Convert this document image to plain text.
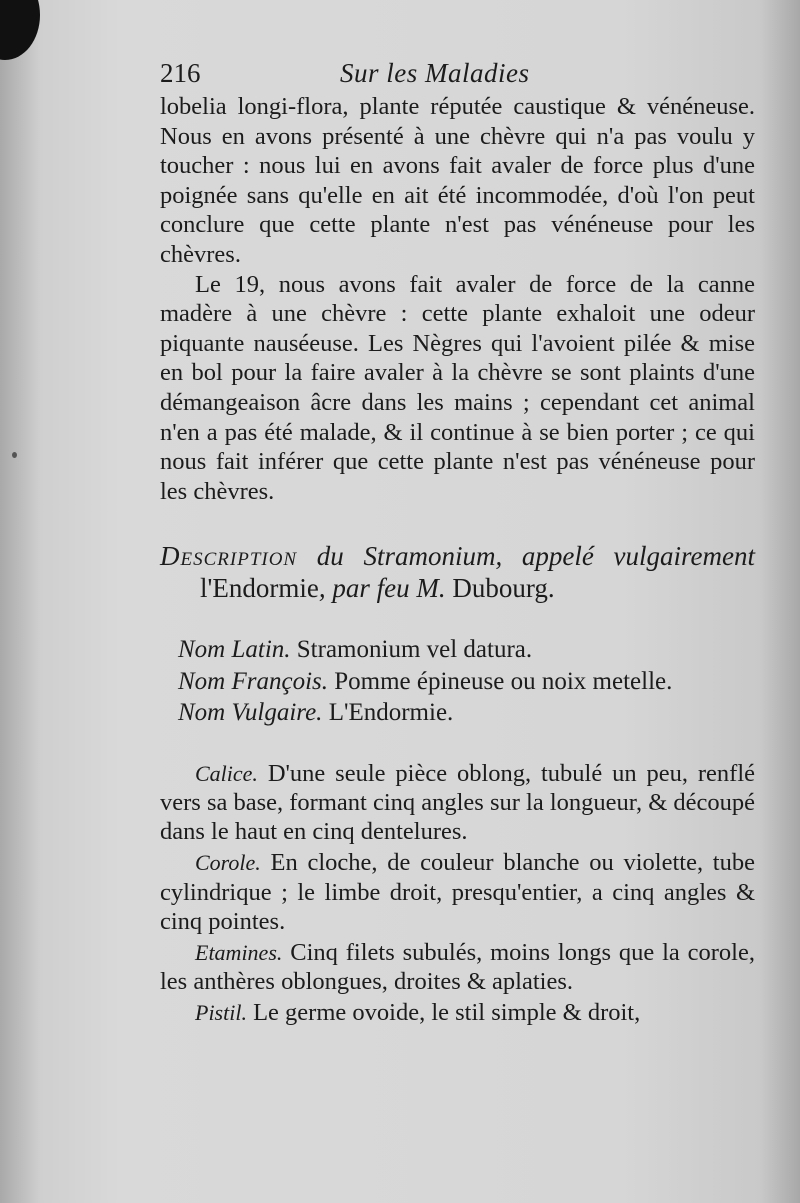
216	Sur les Maladies

lobelia longi-flora, plante réputée caustique & vénéneuse. Nous en avons présenté à une chèvre qui n'a pas voulu y toucher : nous lui en avons fait avaler de force plus d'une poignée sans qu'elle en ait été incommodée, d'où l'on peut conclure que cette plante n'est pas vénéneuse pour les chèvres.

Le 19, nous avons fait avaler de force de la canne madère à une chèvre : cette plante exhaloit une odeur piquante nauséeuse. Les Nègres qui l'avoient pilée & mise en bol pour la faire avaler à la chèvre se sont plaints d'une démangeaison âcre dans les mains ; cependant cet animal n'en a pas été malade, & il continue à se bien porter ; ce qui nous fait inférer que cette plante n'est pas vénéneuse pour les chèvres.

Description du Stramonium, appelé vulgairement l'Endormie, par feu M. Dubourg.

Nom Latin. Stramonium vel datura.

Nom François. Pomme épineuse ou noix metelle.

Nom Vulgaire. L'Endormie.

Calice. D'une seule pièce oblong, tubulé un peu, renflé vers sa base, formant cinq angles sur la longueur, & découpé dans le haut en cinq dentelures.

Corole. En cloche, de couleur blanche ou violette, tube cylindrique ; le limbe droit, presqu'entier, a cinq angles & cinq pointes.

Etamines. Cinq filets subulés, moins longs que la corole, les anthères oblongues, droites & aplaties.

Pistil. Le germe ovoide, le stil simple & droit,
